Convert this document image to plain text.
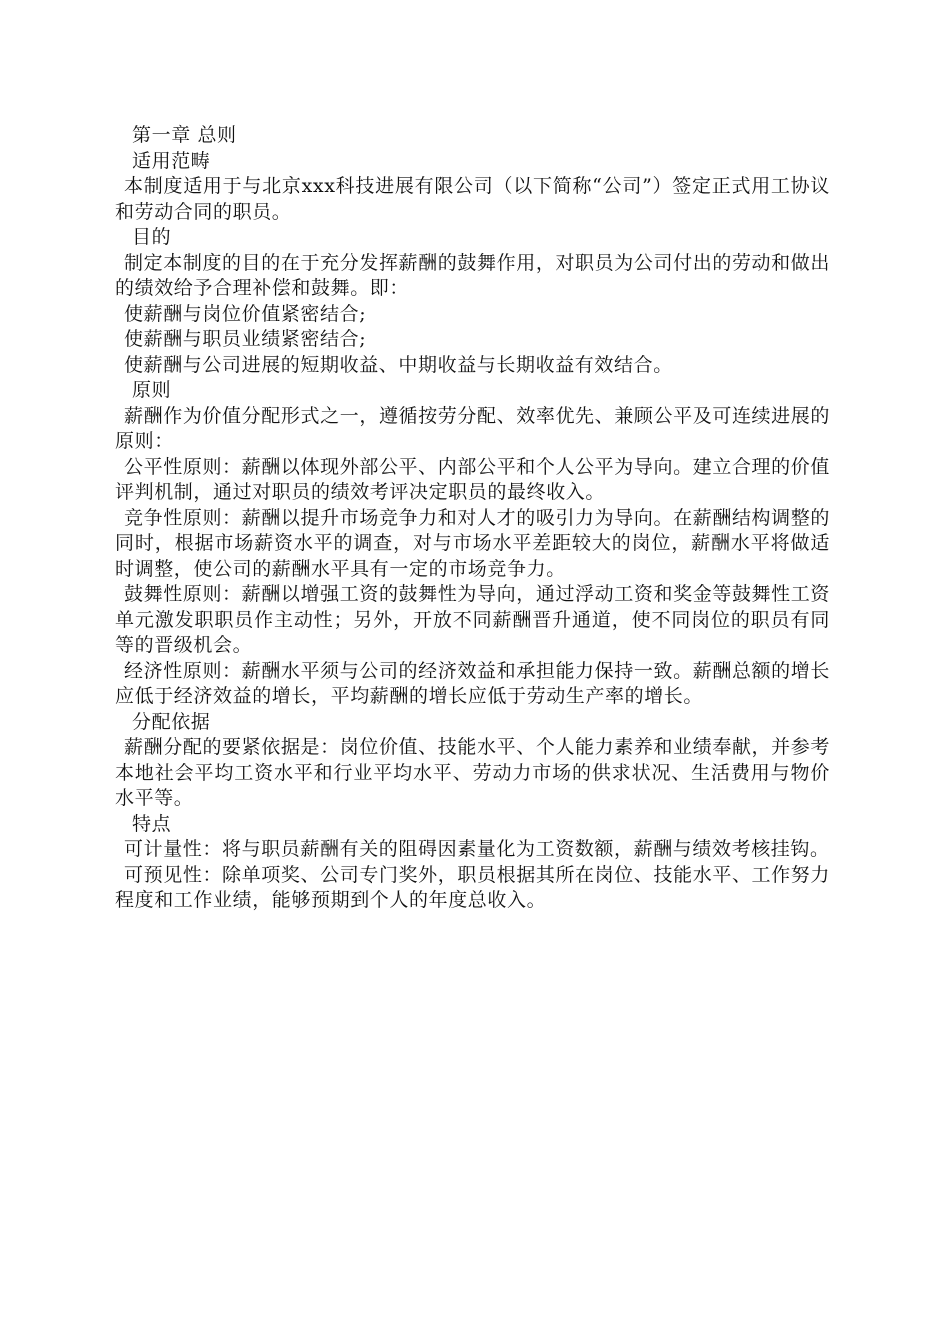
第一章 总则

适用范畴

本制度适用于与北京xxx科技进展有限公司（以下简称“公司”）签定正式用工协议和劳动合同的职员。

目的

制定本制度的目的在于充分发挥薪酬的鼓舞作用，对职员为公司付出的劳动和做出的绩效给予合理补偿和鼓舞。即：

使薪酬与岗位价值紧密结合;

使薪酬与职员业绩紧密结合;

使薪酬与公司进展的短期收益、中期收益与长期收益有效结合。

原则

薪酬作为价值分配形式之一，遵循按劳分配、效率优先、兼顾公平及可连续进展的原则：

公平性原则：薪酬以体现外部公平、内部公平和个人公平为导向。建立合理的价值评判机制，通过对职员的绩效考评决定职员的最终收入。

竞争性原则：薪酬以提升市场竞争力和对人才的吸引力为导向。在薪酬结构调整的同时，根据市场薪资水平的调查，对与市场水平差距较大的岗位，薪酬水平将做适时调整，使公司的薪酬水平具有一定的市场竞争力。

鼓舞性原则：薪酬以增强工资的鼓舞性为导向，通过浮动工资和奖金等鼓舞性工资单元激发职职员作主动性；另外，开放不同薪酬晋升通道，使不同岗位的职员有同等的晋级机会。

经济性原则：薪酬水平须与公司的经济效益和承担能力保持一致。薪酬总额的增长应低于经济效益的增长，平均薪酬的增长应低于劳动生产率的增长。

分配依据

薪酬分配的要紧依据是：岗位价值、技能水平、个人能力素养和业绩奉献，并参考本地社会平均工资水平和行业平均水平、劳动力市场的供求状况、生活费用与物价水平等。

特点

可计量性：将与职员薪酬有关的阻碍因素量化为工资数额，薪酬与绩效考核挂钩。

可预见性：除单项奖、公司专门奖外，职员根据其所在岗位、技能水平、工作努力程度和工作业绩，能够预期到个人的年度总收入。
